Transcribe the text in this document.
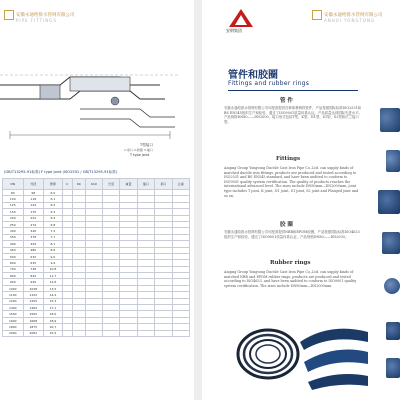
安徽永通给排水管网有限公司
PIPE FITTINGS
T型接口
1-承口 2-胶圈 3-插口
T type joint
(GB/T13295-91标准) F type joint (ISO2531 / GB/T13295-91标准)
DN	外径	壁厚	C	K9	K10	长度	重量	插口	承口	总重
80	98	6.0								
100	118	6.1								
125	144	6.2								
150	170	6.3								
200	222	6.4								
250	274	6.8								
300	326	7.2								
350	378	7.7								
400	429	8.1								
450	480	8.6								
500	532	9.0								
600	635	9.9								
700	738	10.8								
800	842	11.7								
900	945	12.6								
1000	1048	13.5								
1100	1152	14.4								
1200	1255	15.3								
1400	1462	17.1								
1500	1565	18.0								
1600	1668	18.9								
1800	1875	20.7								
2000	2082	22.5								
安钢集团
安徽永通给排水管网有限公司
ANHUI YONGTONG
管件和胶圈
Fittings and rubber rings
管 件
安徽永通给排水管网有限公司可配套提供各种球墨铸铁管件，产品按照国际标准ISO2531和BS EN545组织生产和检验，通过了ISO9001质量体系认证。产品质量达到国际先进水平。产品规格DN80——DN2000，接口形式包括T型、K型、N1型、S1型、S2型和法兰接口型。
Fittings
Anqing Group Yongtong Ductile Cast Iron Pipe Co.,Ltd. can supply kinds of matched ductile iron fittings, products are produced and tested according to ISO2531 and BS EN545 standard, and have been audited to conform to ISO9001 quality system certification. The quality of products reaches the international advanced level. The sizes include DN80mm—DN2000mm, joint type includes T joint, K joint, N1 joint, S1 joint, S2 joint and Flanged joint and so on.
胶 圈
安徽永通给排水管网有限公司可配套提供NBR和EPDM胶圈，产品按照国际标准ISO4633组织生产和检验，通过了ISO9001质量体系认证，产品规格DN80——DN2000。
Rubber rings
Anqing Group Yongtong Ductile Cast Iron Pipe Co.,Ltd. can supply kinds of matched NBR and EPDM rubber rings, products are produced and tested according to ISO4633, and have been audited to conform to ISO9001 quality system certification. The sizes include DN80mm—DN2000mm.
